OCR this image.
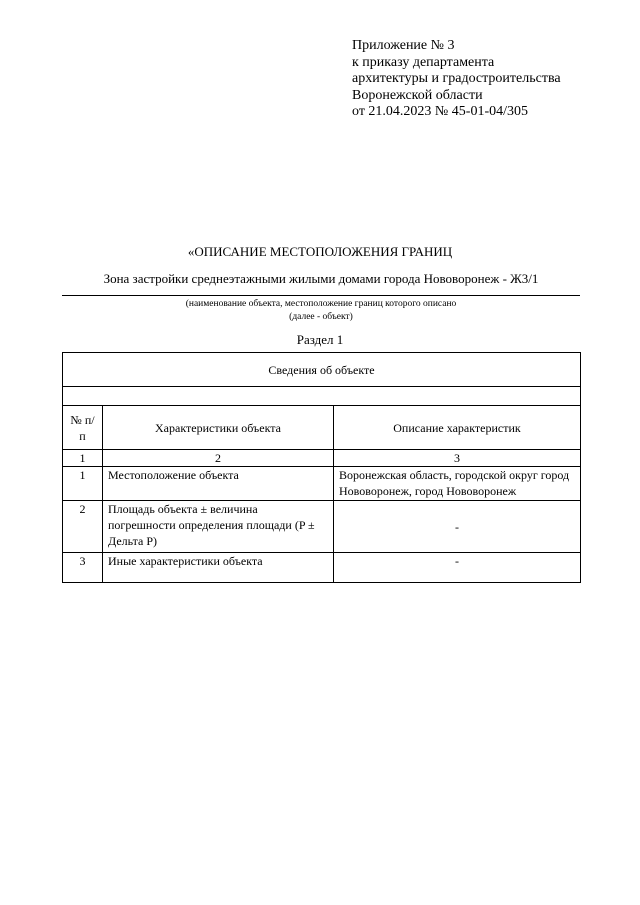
Приложение № 3
к приказу департамента
архитектуры и градостроительства
Воронежской области
от 21.04.2023 № 45-01-04/305
«ОПИСАНИЕ МЕСТОПОЛОЖЕНИЯ ГРАНИЦ
Зона застройки среднеэтажными жилыми домами города Нововоронеж - Ж3/1
(наименование объекта, местоположение границ которого описано
(далее - объект)
Раздел 1
Сведения об объекте		

№ п/п	Характеристики объекта	Описание характеристик
1	2	3
1	Местоположение объекта	Воронежская область, городской округ город Нововоронеж, город Нововоронеж
2	Площадь объекта ± величина погрешности определения площади (P ± Дельта P)	-
3	Иные характеристики объекта	-
